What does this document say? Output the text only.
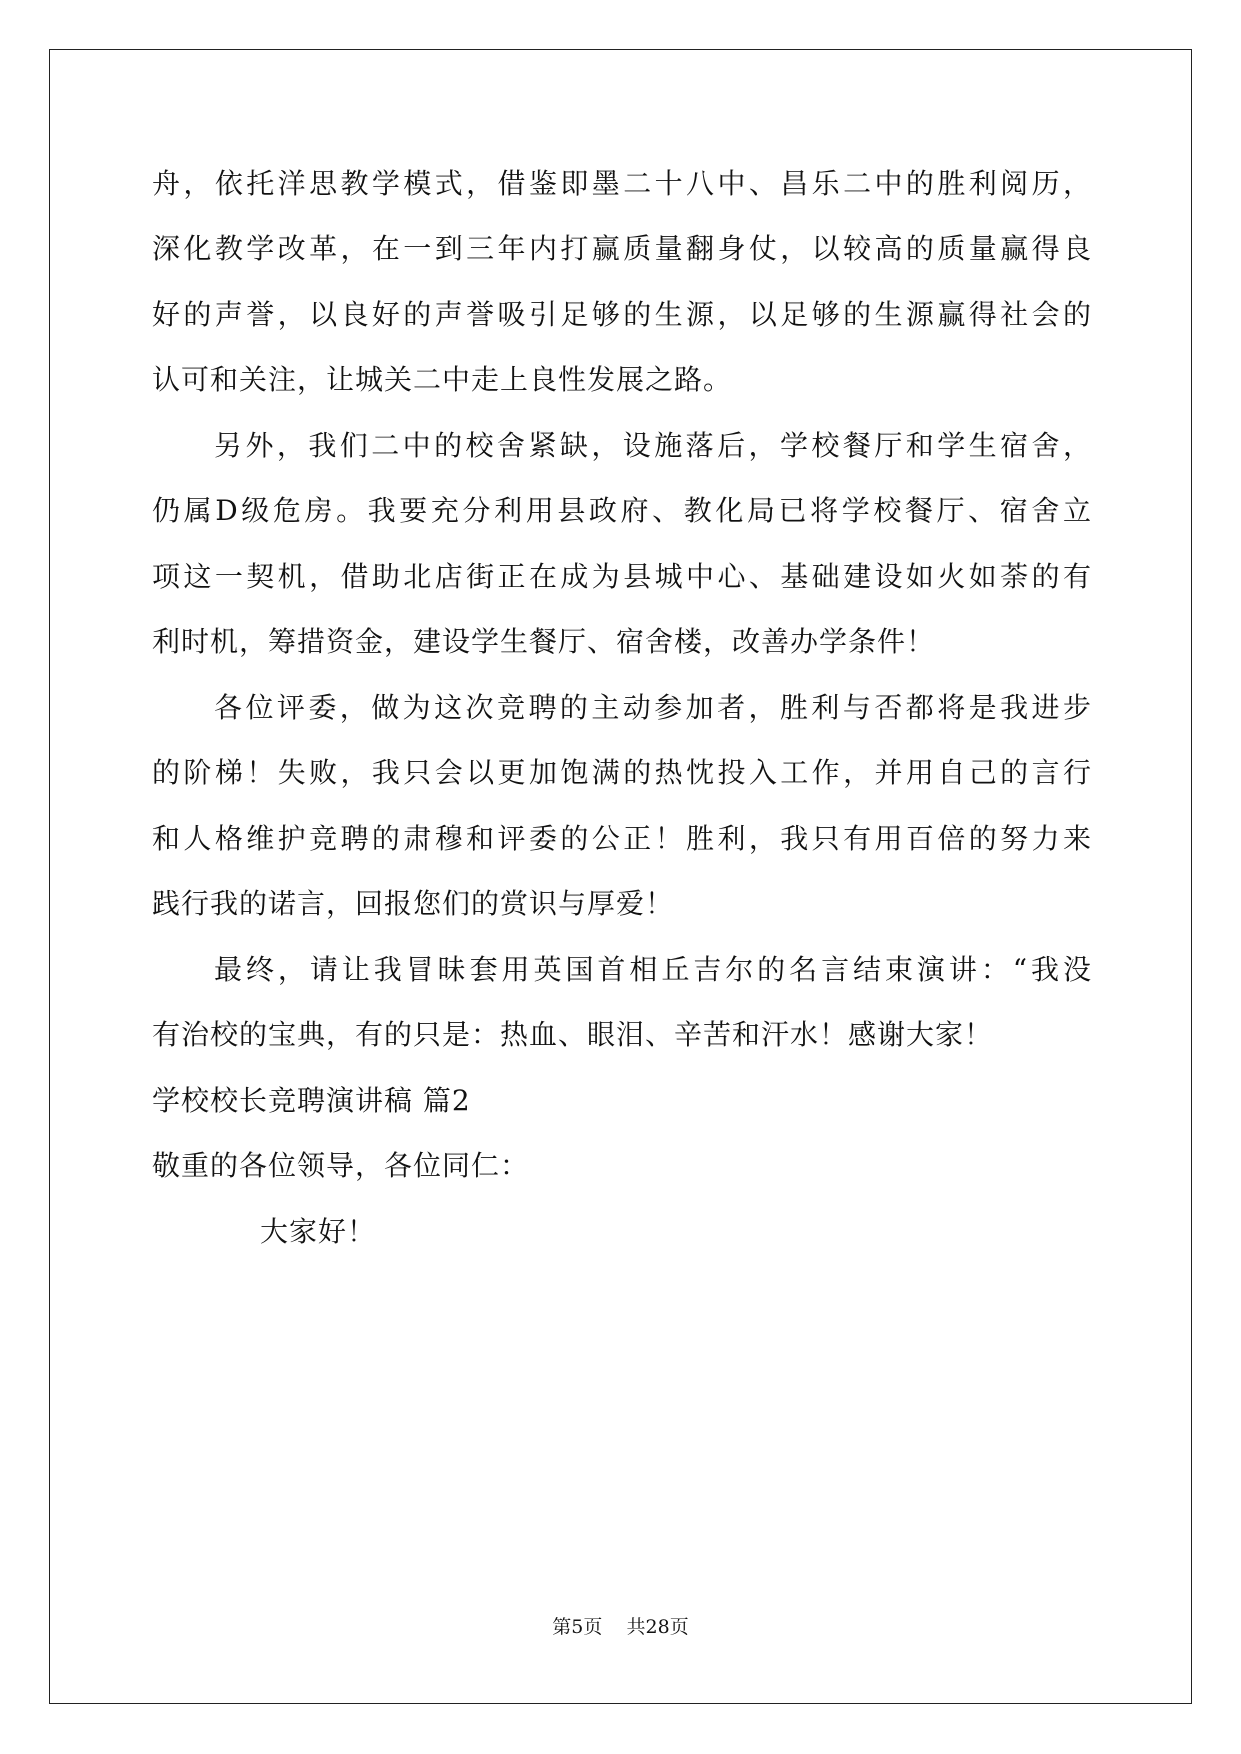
舟，依托洋思教学模式，借鉴即墨二十八中、昌乐二中的胜利阅历，
深化教学改革，在一到三年内打赢质量翻身仗，以较高的质量赢得良
好的声誉，以良好的声誉吸引足够的生源，以足够的生源赢得社会的
认可和关注，让城关二中走上良性发展之路。
另外，我们二中的校舍紧缺，设施落后，学校餐厅和学生宿舍，
仍属D级危房。我要充分利用县政府、教化局已将学校餐厅、宿舍立
项这一契机，借助北店街正在成为县城中心、基础建设如火如荼的有
利时机，筹措资金，建设学生餐厅、宿舍楼，改善办学条件！
各位评委，做为这次竞聘的主动参加者，胜利与否都将是我进步
的阶梯！失败，我只会以更加饱满的热忱投入工作，并用自己的言行
和人格维护竞聘的肃穆和评委的公正！胜利，我只有用百倍的努力来
践行我的诺言，回报您们的赏识与厚爱！
最终，请让我冒昧套用英国首相丘吉尔的名言结束演讲：“我没
有治校的宝典，有的只是：热血、眼泪、辛苦和汗水！感谢大家！
学校校长竞聘演讲稿 篇2
敬重的各位领导，各位同仁：
大家好！
第5页 共28页
